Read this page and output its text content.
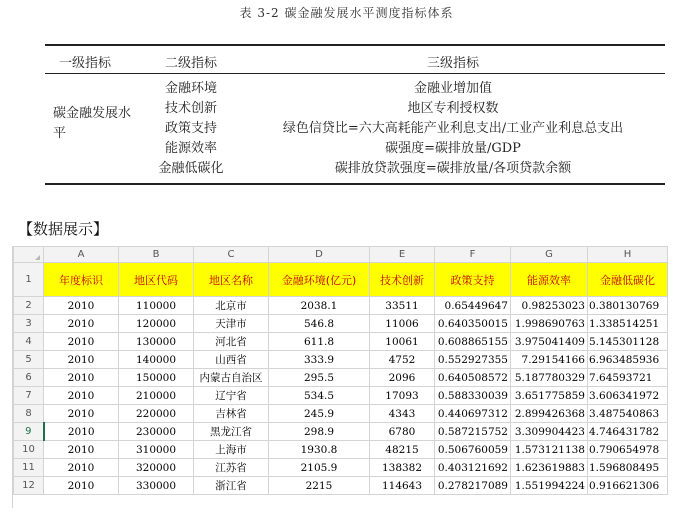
表 3-2 碳金融发展水平测度指标体系
一级指标	二级指标	三级指标
碳金融发展水平
金融环境	金融业增加值
技术创新	地区专利授权数
政策支持	绿色信贷比=六大高耗能产业利息支出/工业产业利息总支出
能源效率	碳强度=碳排放量/GDP
金融低碳化	碳排放贷款强度=碳排放量/各项贷款余额
【数据展示】
	A	B	C	D	E	F	G	H
1	年度标识	地区代码	地区名称	金融环境(亿元)	技术创新	政策支持	能源效率	金融低碳化
2	2010	110000	北京市	2038.1	33511	0.65449647	0.98253023	0.380130769
3	2010	120000	天津市	546.8	11006	0.640350015	1.998690763	1.338514251
4	2010	130000	河北省	611.8	10061	0.608865155	3.975041409	5.145301128
5	2010	140000	山西省	333.9	4752	0.552927355	7.29154166	6.963485936
6	2010	150000	内蒙古自治区	295.5	2096	0.640508572	5.187780329	7.64593721
7	2010	210000	辽宁省	534.5	17093	0.588330039	3.651775859	3.606341972
8	2010	220000	吉林省	245.9	4343	0.440697312	2.899426368	3.487540863
9	2010	230000	黑龙江省	298.9	6780	0.587215752	3.309904423	4.746431782
10	2010	310000	上海市	1930.8	48215	0.506760059	1.573121138	0.790654978
11	2010	320000	江苏省	2105.9	138382	0.403121692	1.623619883	1.596808495
12	2010	330000	浙江省	2215	114643	0.278217089	1.551994224	0.916621306
